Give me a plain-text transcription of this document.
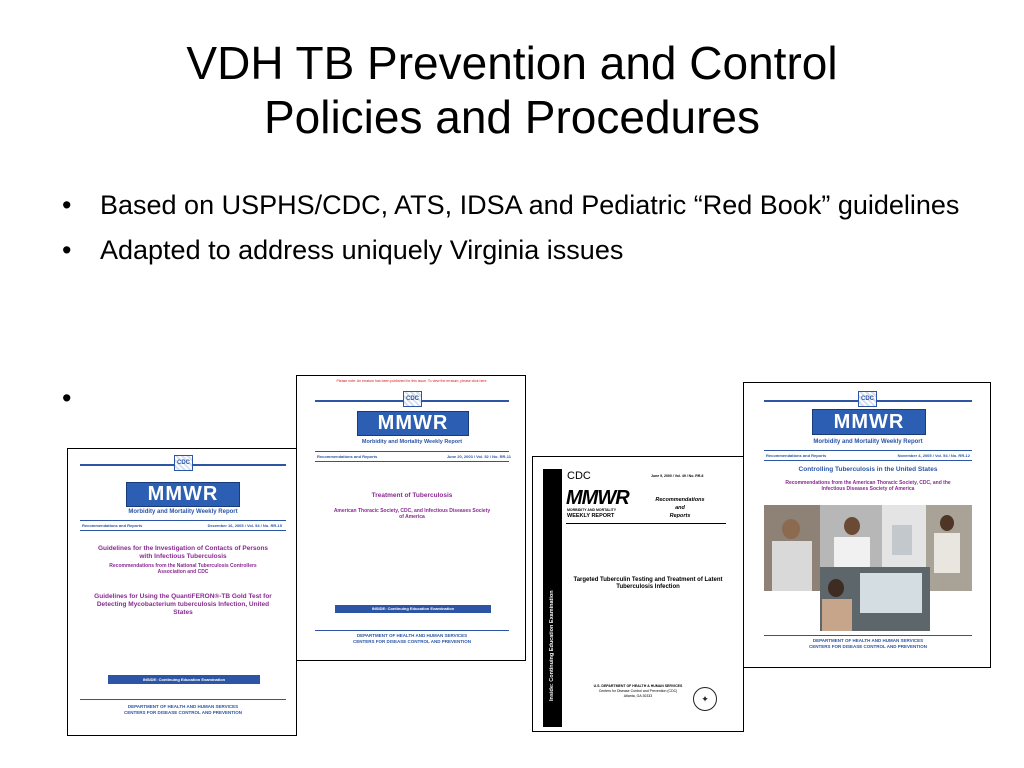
VDH TB Prevention and Control
Policies and Procedures
• Based on USPHS/CDC, ATS, IDSA and Pediatric “Red Book” guidelines
• Adapted to address uniquely Virginia issues
•
CDC
MMWR
Morbidity and Mortality Weekly Report
Recommendations and Reports	December 16, 2005 / Vol. 54 / No. RR-15
Guidelines for the Investigation of Contacts of Persons with Infectious Tuberculosis
Recommendations from the National Tuberculosis Controllers Association and CDC
Guidelines for Using the QuantiFERON®-TB Gold Test for Detecting Mycobacterium tuberculosis Infection, United States
INSIDE: Continuing Education Examination
DEPARTMENT OF HEALTH AND HUMAN SERVICES
CENTERS FOR DISEASE CONTROL AND PREVENTION
Please note: An erratum has been published for this issue. To view the erratum, please click here.
CDC
MMWR
Morbidity and Mortality Weekly Report
Recommendations and Reports	June 20, 2003 / Vol. 52 / No. RR-11
Treatment of Tuberculosis
American Thoracic Society, CDC, and Infectious Diseases Society of America
INSIDE: Continuing Education Examination
DEPARTMENT OF HEALTH AND HUMAN SERVICES
CENTERS FOR DISEASE CONTROL AND PREVENTION	Inside: Continuing Education Examination
CDC	June 9, 2000 / Vol. 49 / No. RR-6
MMWR
MORBIDITY AND MORTALITY
WEEKLY REPORT
Recommendations
and
Reports
Targeted Tuberculin Testing and Treatment of Latent Tuberculosis Infection
U.S. DEPARTMENT OF HEALTH & HUMAN SERVICES
Centers for Disease Control and Prevention (CDC)
Atlanta, GA 30333	✦
CDC
MMWR
Morbidity and Mortality Weekly Report
Recommendations and Reports	November 4, 2005 / Vol. 54 / No. RR-12
Controlling Tuberculosis in the United States
Recommendations from the American Thoracic Society, CDC, and the Infectious Diseases Society of America
DEPARTMENT OF HEALTH AND HUMAN SERVICES
CENTERS FOR DISEASE CONTROL AND PREVENTION
